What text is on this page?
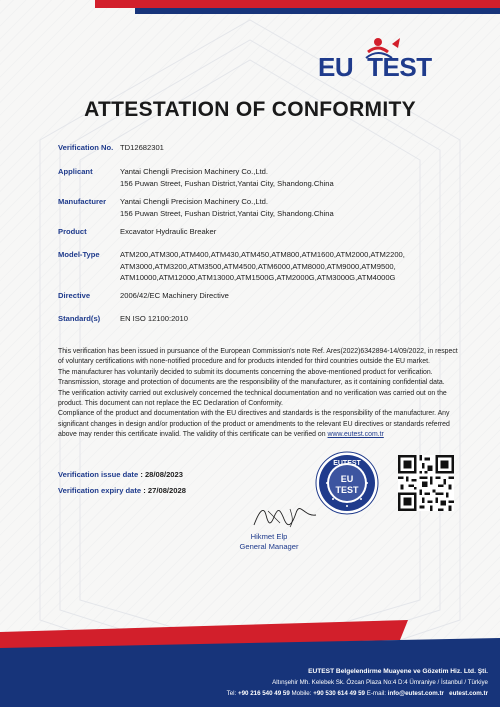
EU TEST
ATTESTATION OF CONFORMITY
Verification No. TD12682301
Applicant	Yantai Chengli Precision Machinery Co.,Ltd.
156 Puwan Street, Fushan District,Yantai City, Shandong.China
Manufacturer Yantai Chengli Precision Machinery Co.,Ltd.
156 Puwan Street, Fushan District,Yantai City, Shandong.China
Product	Excavator Hydraulic Breaker
Model-Type	ATM200,ATM300,ATM400,ATM430,ATM450,ATM800,ATM1600,ATM2000,ATM2200,
ATM3000,ATM3200,ATM3500,ATM4500,ATM6000,ATM8000,ATM9000,ATM9500,
ATM10000,ATM12000,ATM13000,ATM1500G,ATM2000G,ATM3000G,ATM4000G
Directive	2006/42/EC Machinery Directive
Standard(s)	EN ISO 12100:2010

This verification has been issued in pursuance of the European Commission's note Ref. Ares(2022)6342894-14/09/2022, in respect of voluntary certifications with none-notified procedure and for products intended for third countries outside the EU market.

The manufacturer has voluntarily decided to submit its documents concerning the above-mentioned product for verification. Transmission, storage and protection of documents are the responsibility of the manufacturer, as it containing confidential data.

The verification activity carried out exclusively concerned the technical documentation and no verification was carried out on the product. This document can not replace the EC Declaration of Conformity.

Compliance of the product and documentation with the EU directives and standards is the responsibility of the manufacturer. Any significant changes in design and/or production of the product or amendments to the relevant EU directives or standards referred above may render this certificate invalid. The validity of this certificate can be verified on www.eutest.com.tr

Verification issue date : 28/08/2023
Verification expiry date : 27/08/2028
EUTEST
EU
TEST
Hikmet Elp
General Manager
EUTEST Belgelendirme Muayene ve Gözetim Hiz. Ltd. Şti.
Altınşehir Mh. Kelebek Sk. Özcan Plaza No:4 D:4 Ümraniye / İstanbul / Türkiye
Tel: +90 216 540 49 59 Mobile: +90 530 614 49 59 E-mail: info@eutest.com.tr eutest.com.tr
